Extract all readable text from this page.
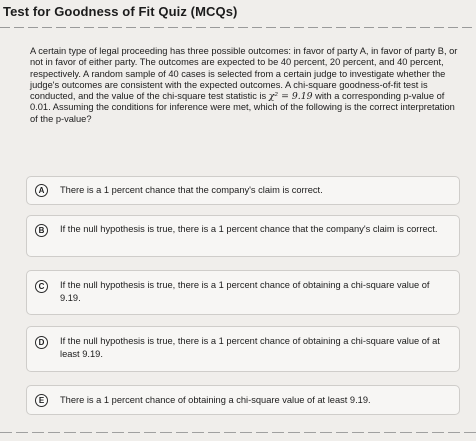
Test for Goodness of Fit Quiz (MCQs)
A certain type of legal proceeding has three possible outcomes: in favor of party A, in favor of party B, or not in favor of either party. The outcomes are expected to be 40 percent, 20 percent, and 40 percent, respectively. A random sample of 40 cases is selected from a certain judge to investigate whether the judge's outcomes are consistent with the expected outcomes. A chi-square goodness-of-fit test is conducted, and the value of the chi-square test statistic is χ² = 9.19 with a corresponding p-value of 0.01. Assuming the conditions for inference were met, which of the following is the correct interpretation of the p-value?
A	There is a 1 percent chance that the company's claim is correct.
B	If the null hypothesis is true, there is a 1 percent chance that the company's claim is correct.
C	If the null hypothesis is true, there is a 1 percent chance of obtaining a chi-square value of 9.19.
D	If the null hypothesis is true, there is a 1 percent chance of obtaining a chi-square value of at least 9.19.
E	There is a 1 percent chance of obtaining a chi-square value of at least 9.19.
